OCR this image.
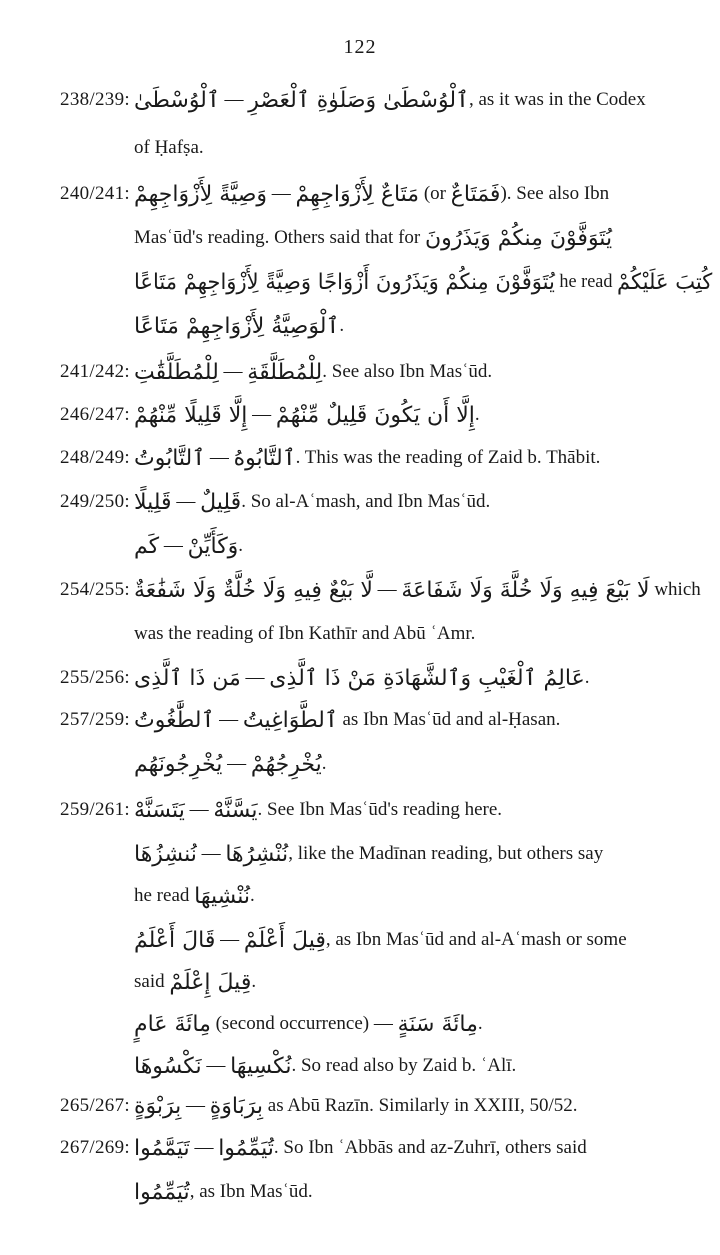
122
238/239: ٱلْوُسْطَىٰ — ٱلْوُسْطَىٰ وَصَلَوٰةِ ٱلْعَصْرِ, as it was in the Codex
of Ḥafṣa.
240/241: وَصِيَّةً لِأَزْوَاجِهِمْ — مَتَاعٌ لِأَزْوَاجِهِمْ (or فَمَتَاعٌ). See also Ibn
Masʿūd's reading. Others said that for يُتَوَفَّوْنَ مِنكُمْ وَيَذَرُونَ
يُتَوَفَّوْنَ مِنكُمْ وَيَذَرُونَ أَزْوَاجًا وَصِيَّةً لِأَزْوَاجِهِمْ مَتَاعًا he read كُتِبَ عَلَيْكُمْ
ٱلْوَصِيَّةُ لِأَزْوَاجِهِمْ مَتَاعًا.
241/242: لِلْمُطَلَّقَٰتِ — لِلْمُطَلَّقَةِ. See also Ibn Masʿūd.
246/247: إِلَّا قَلِيلًا مِّنْهُمْ — إِلَّا أَن يَكُونَ قَلِيلٌ مِّنْهُمْ.
248/249: ٱلتَّابُوتُ — ٱلتَّابُوهُ. This was the reading of Zaid b. Thābit.
249/250: قَلِيلًا — قَلِيلٌ. So al-Aʿmash, and Ibn Masʿūd.
كَم — وَكَأَيِّنْ.
254/255: لَّا بَيْعٌ فِيهِ وَلَا خُلَّةٌ وَلَا شَفَٰعَةٌ — لَا بَيْعَ فِيهِ وَلَا خُلَّةَ وَلَا شَفَاعَةَ which
was the reading of Ibn Kathīr and Abū ʿAmr.
255/256: مَن ذَا ٱلَّذِى — عَالِمُ ٱلْغَيْبِ وَٱلشَّهَادَةِ مَنْ ذَا ٱلَّذِى.
257/259: ٱلطَّٰغُوتُ — ٱلطَّوَاغِيتُ as Ibn Masʿūd and al-Ḥasan.
يُخْرِجُونَهُم — يُخْرِجُهُمْ.
259/261: يَتَسَنَّهْ — يَسَّنَّهْ. See Ibn Masʿūd's reading here.
نُنشِزُهَا — نُنْشِرُهَا, like the Madīnan reading, but others say
he read نُنْشِيهَا.
قَالَ أَعْلَمُ — قِيلَ أَعْلَمْ, as Ibn Masʿūd and al-Aʿmash or some
said قِيلَ إِعْلَمْ.
مِائَةَ عَامٍ (second occurrence) — مِائَةَ سَنَةٍ.
نَكْسُوهَا — نُكْسِيهَا. So read also by Zaid b. ʿAlī.
265/267: بِرَبْوَةٍ — بِرَبَاوَةٍ as Abū Razīn. Similarly in XXIII, 50/52.
267/269: تَيَمَّمُوا — تُيَمِّمُوا. So Ibn ʿAbbās and az-Zuhrī, others said
تُيَمِّمُوا, as Ibn Masʿūd.
